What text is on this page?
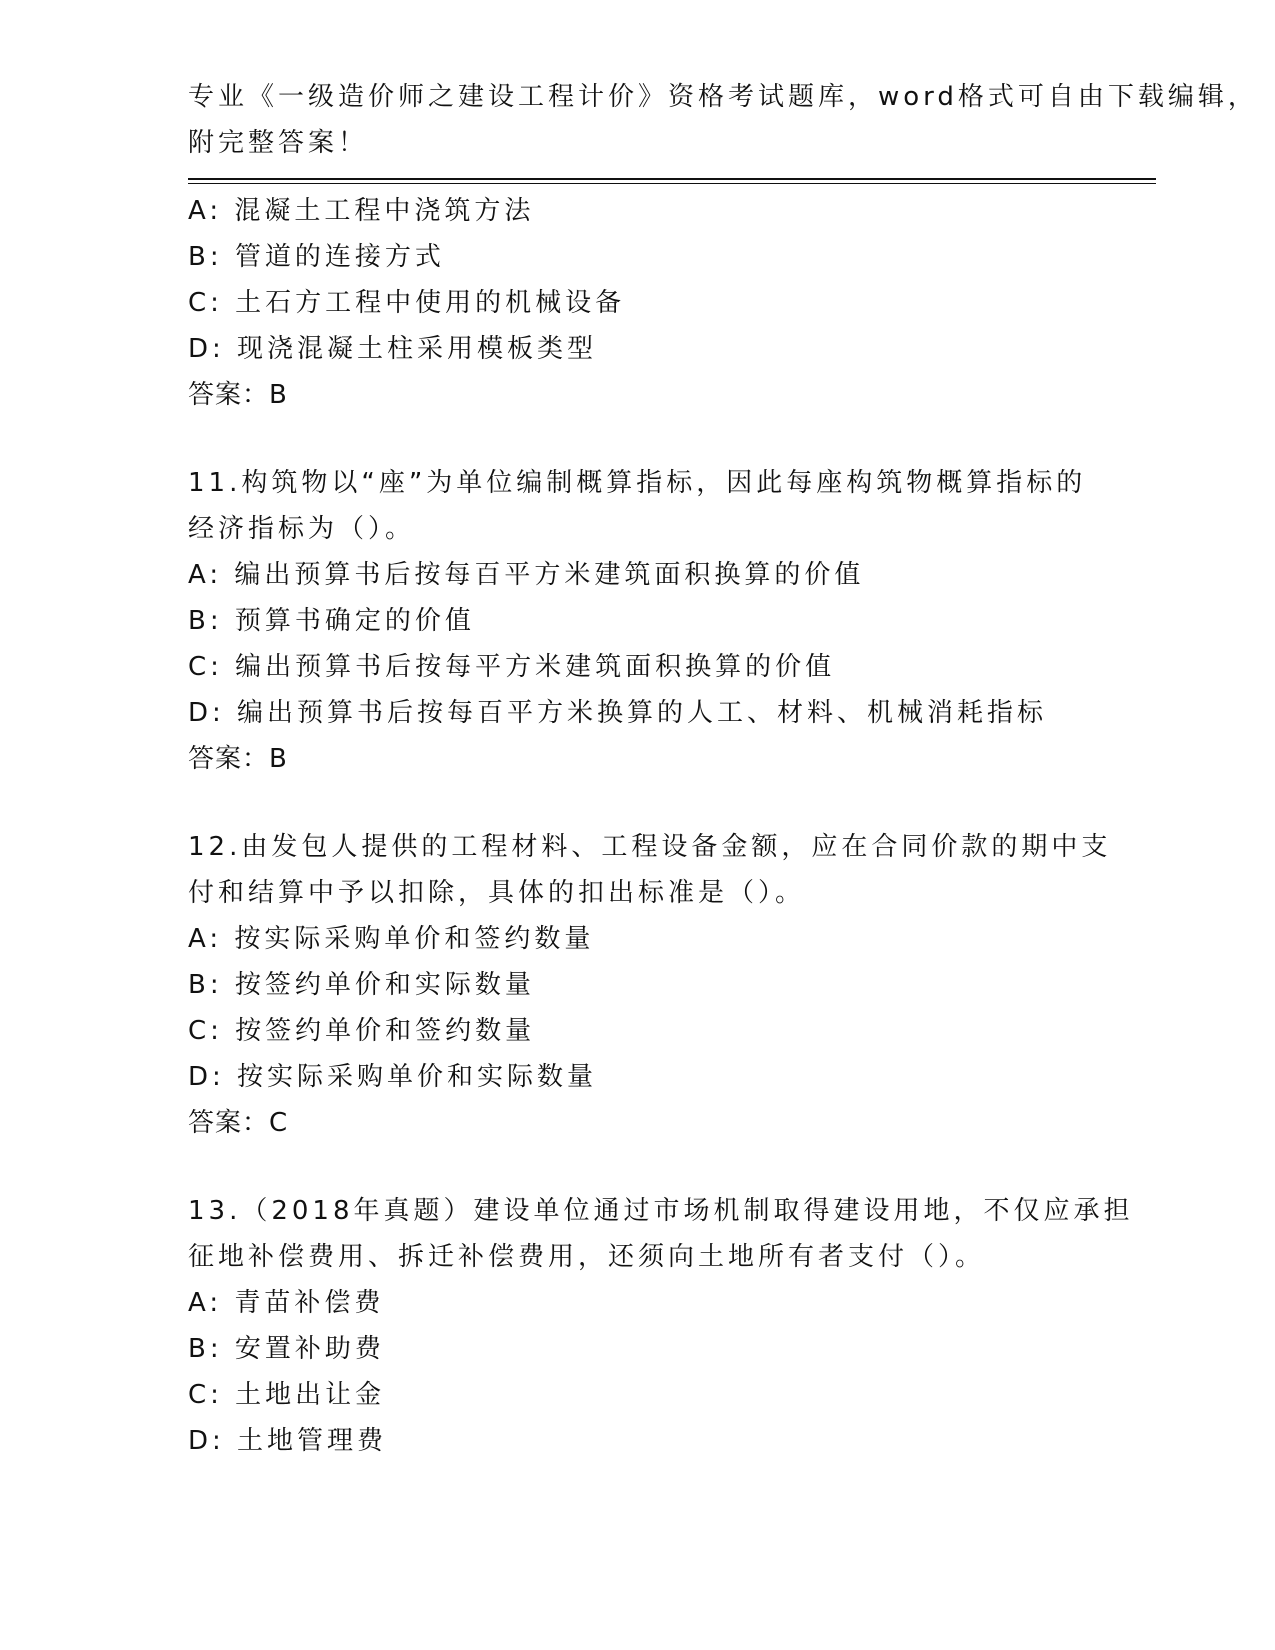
专业《一级造价师之建设工程计价》资格考试题库，word格式可自由下载编辑，
附完整答案！
A: 混凝土工程中浇筑方法
B: 管道的连接方式
C: 土石方工程中使用的机械设备
D: 现浇混凝土柱采用模板类型
答案：B
11.构筑物以“座”为单位编制概算指标，因此每座构筑物概算指标的
经济指标为（）。
A: 编出预算书后按每百平方米建筑面积换算的价值
B: 预算书确定的价值
C: 编出预算书后按每平方米建筑面积换算的价值
D: 编出预算书后按每百平方米换算的人工、材料、机械消耗指标
答案：B
12.由发包人提供的工程材料、工程设备金额，应在合同价款的期中支
付和结算中予以扣除，具体的扣出标准是（）。
A: 按实际采购单价和签约数量
B: 按签约单价和实际数量
C: 按签约单价和签约数量
D: 按实际采购单价和实际数量
答案：C
13.（2018年真题）建设单位通过市场机制取得建设用地，不仅应承担
征地补偿费用、拆迁补偿费用，还须向土地所有者支付（）。
A: 青苗补偿费
B: 安置补助费
C: 土地出让金
D: 土地管理费
